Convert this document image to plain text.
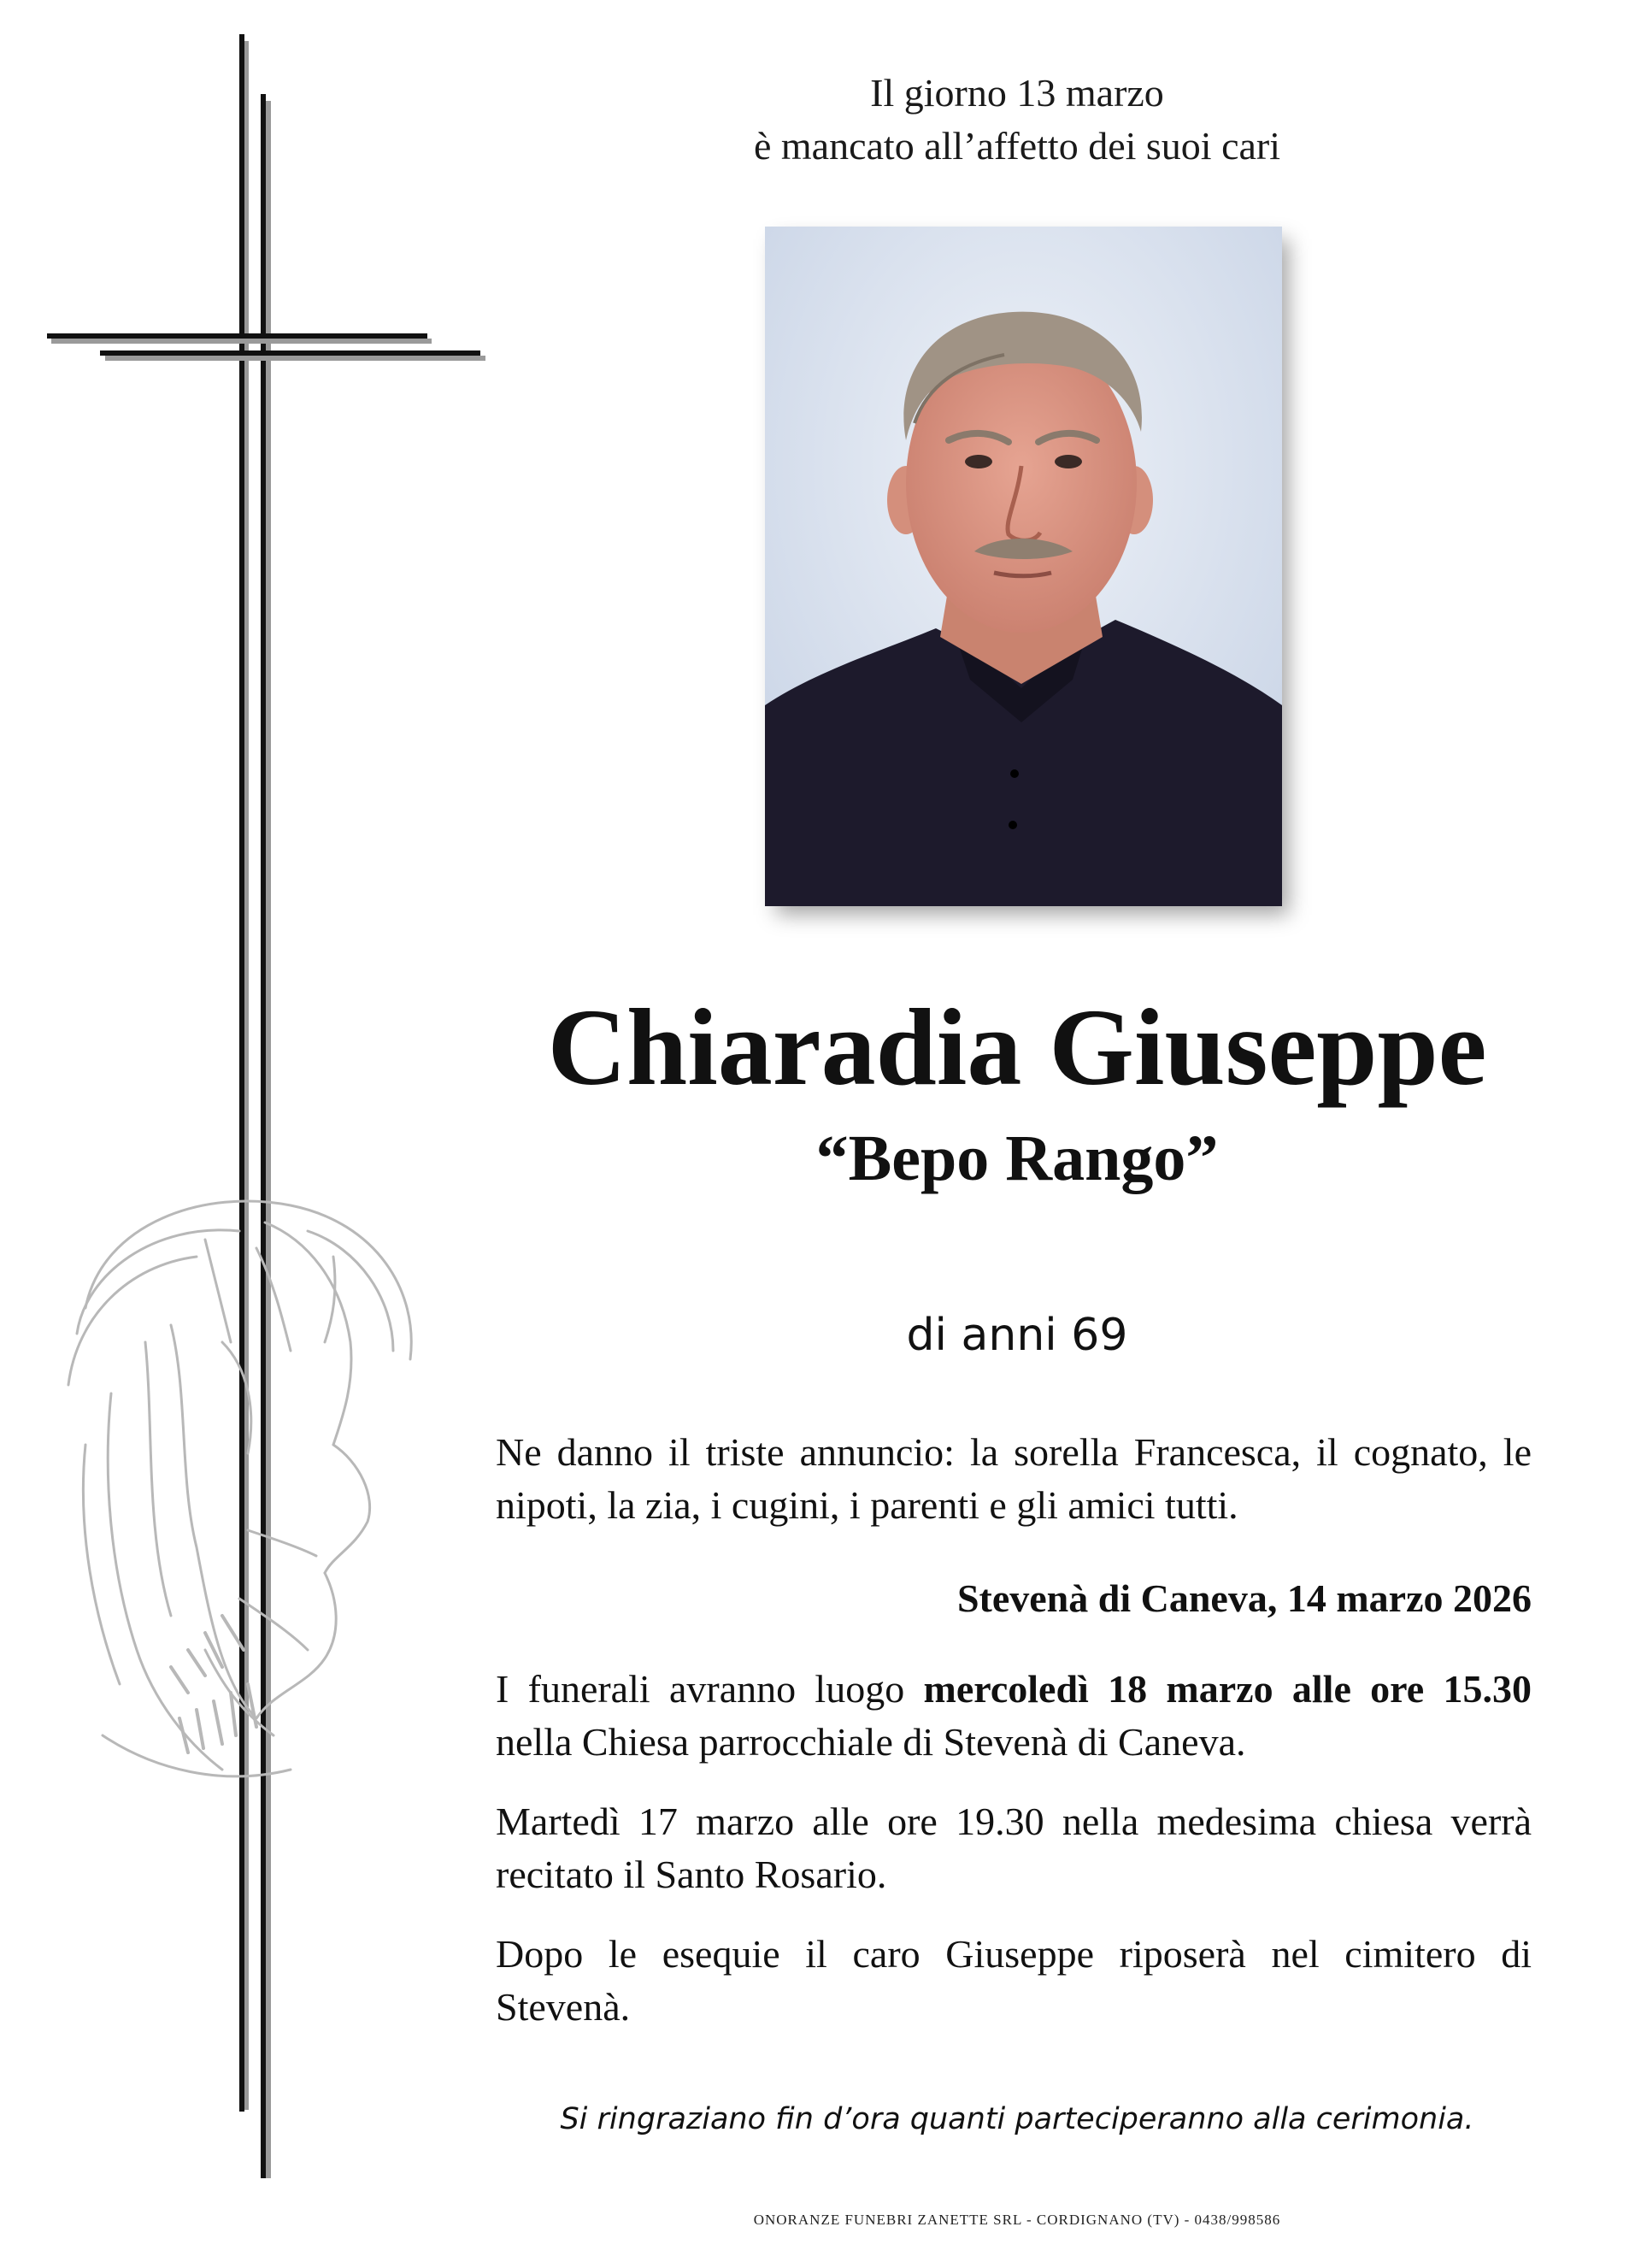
Il giorno 13 marzo
è mancato all’affetto dei suoi cari
Chiaradia Giuseppe
“Bepo Rango”
di anni 69
Ne danno il triste annuncio: la sorella Francesca, il cognato, le nipoti, la zia, i cugini, i parenti e gli amici tutti.
Stevenà di Caneva, 14 marzo 2026
I funerali avranno luogo mercoledì 18 marzo alle ore 15.30 nella Chiesa parrocchiale di Stevenà di Caneva.
Martedì 17 marzo alle ore 19.30 nella medesima chiesa verrà recitato il Santo Rosario.
Dopo le esequie il caro Giuseppe riposerà nel cimitero di Stevenà.
Si ringraziano fin d’ora quanti parteciperanno alla cerimonia.
ONORANZE FUNEBRI ZANETTE SRL - CORDIGNANO (TV) - 0438/998586
